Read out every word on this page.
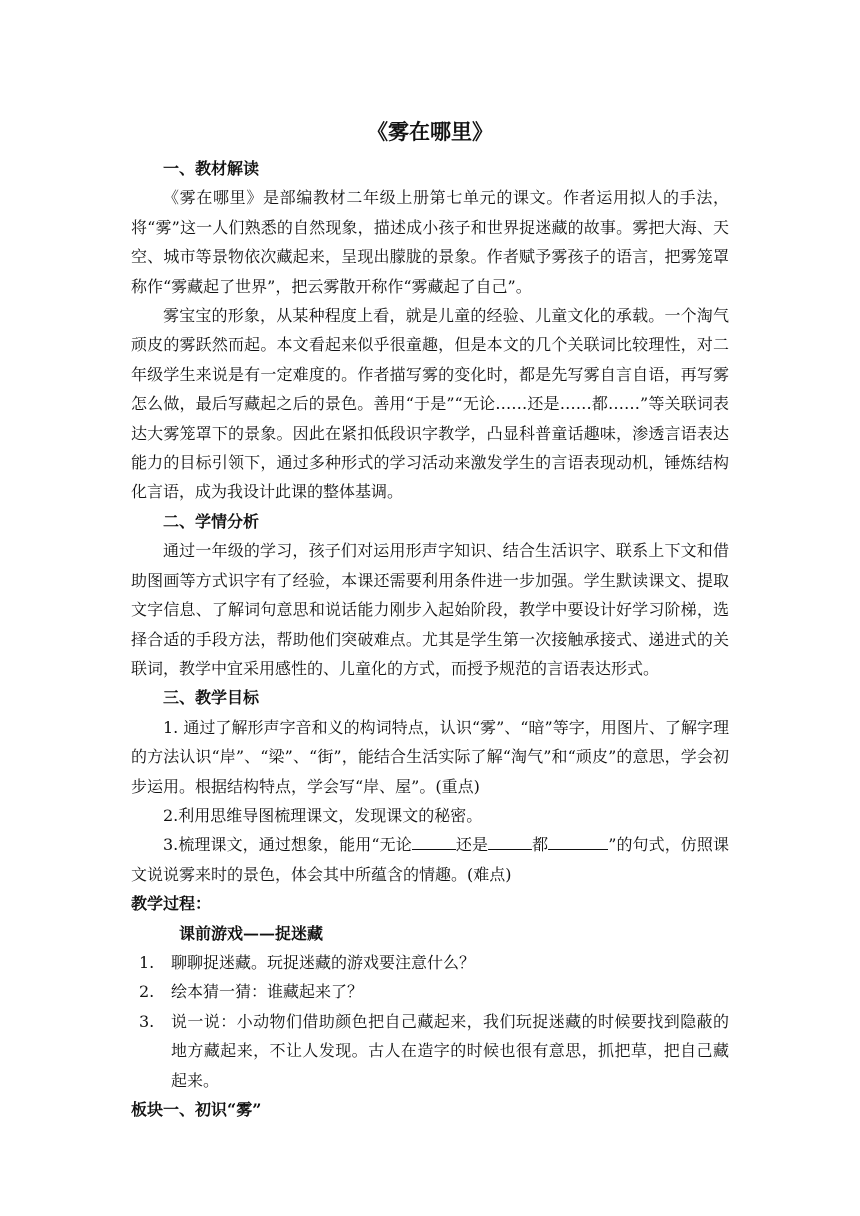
《雾在哪里》
一、教材解读

《雾在哪里》是部编教材二年级上册第七单元的课文。作者运用拟人的手法，将“雾”这一人们熟悉的自然现象，描述成小孩子和世界捉迷藏的故事。雾把大海、天空、城市等景物依次藏起来，呈现出朦胧的景象。作者赋予雾孩子的语言，把雾笼罩称作“雾藏起了世界”，把云雾散开称作“雾藏起了自己”。

雾宝宝的形象，从某种程度上看，就是儿童的经验、儿童文化的承载。一个淘气顽皮的雾跃然而起。本文看起来似乎很童趣，但是本文的几个关联词比较理性，对二年级学生来说是有一定难度的。作者描写雾的变化时，都是先写雾自言自语，再写雾怎么做，最后写藏起之后的景色。善用“于是”“无论……还是……都……”等关联词表达大雾笼罩下的景象。因此在紧扣低段识字教学，凸显科普童话趣味，渗透言语表达能力的目标引领下，通过多种形式的学习活动来激发学生的言语表现动机，锤炼结构化言语，成为我设计此课的整体基调。

二、学情分析

通过一年级的学习，孩子们对运用形声字知识、结合生活识字、联系上下文和借助图画等方式识字有了经验，本课还需要利用条件进一步加强。学生默读课文、提取文字信息、了解词句意思和说话能力刚步入起始阶段，教学中要设计好学习阶梯，选择合适的手段方法，帮助他们突破难点。尤其是学生第一次接触承接式、递进式的关联词，教学中宜采用感性的、儿童化的方式，而授予规范的言语表达形式。

三、教学目标

1. 通过了解形声字音和义的构词特点，认识“雾”、“暗”等字，用图片、了解字理的方法认识“岸”、“梁”、“街”，能结合生活实际了解“淘气”和“顽皮”的意思，学会初步运用。根据结构特点，学会写“岸、屋”。(重点)

2.利用思维导图梳理课文，发现课文的秘密。

3.梳理课文，通过想象，能用“无论	还是	都	”的句式，仿照课文说说雾来时的景色，体会其中所蕴含的情趣。(难点)

教学过程：
课前游戏——捉迷藏
1.	聊聊捉迷藏。玩捉迷藏的游戏要注意什么？
2.	绘本猜一猜：谁藏起来了？
3.	说一说：小动物们借助颜色把自己藏起来，我们玩捉迷藏的时候要找到隐蔽的地方藏起来，不让人发现。古人在造字的时候也很有意思，抓把草，把自己藏起来。
板块一、初识“雾”
